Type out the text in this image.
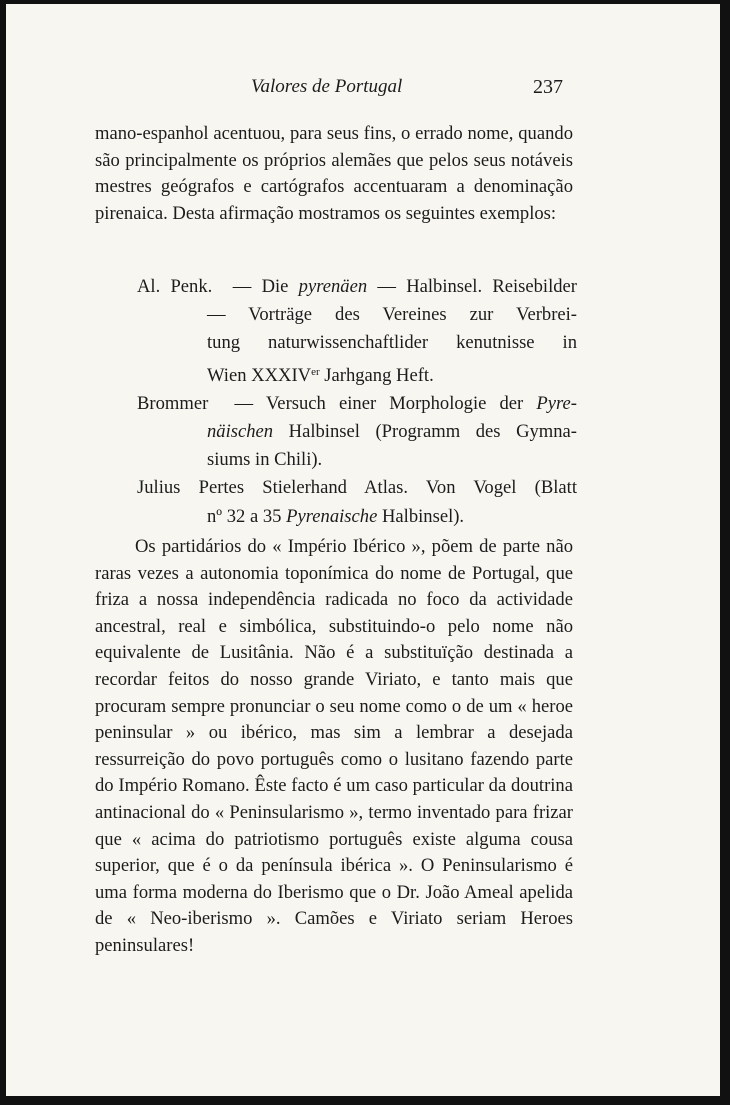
Valores de Portugal	237

mano-espanhol acentuou, para seus fins, o errado nome, quando são principalmente os próprios alemães que pelos seus notáveis mestres geógrafos e cartógrafos accentuaram a denominação pirenaica. Desta afirmação mostramos os seguintes exemplos:

Al. Penk. — Die pyrenäen — Halbinsel. Reisebilder
— Vorträge des Vereines zur Verbrei-
tung naturwissenchaftlider kenutnisse in
Wien XXXIVer Jarhgang Heft.
Brommer — Versuch einer Morphologie der Pyre-
näischen Halbinsel (Programm des Gymna-
siums in Chili).
Julius Pertes Stielerhand Atlas. Von Vogel (Blatt
nº 32 a 35 Pyrenaische Halbinsel).

Os partidários do « Império Ibérico », põem de parte não raras vezes a autonomia toponímica do nome de Portugal, que friza a nossa independência radicada no foco da actividade ancestral, real e simbólica, substituindo-o pelo nome não equivalente de Lusitânia. Não é a substituïção destinada a recordar feitos do nosso grande Viriato, e tanto mais que procuram sempre pronunciar o seu nome como o de um « heroe peninsular » ou ibérico, mas sim a lembrar a desejada ressurreição do povo português como o lusitano fazendo parte do Império Romano. Êste facto é um caso particular da doutrina antinacional do « Peninsularismo », termo inventado para frizar que « acima do patriotismo português existe alguma cousa superior, que é o da península ibérica ». O Peninsularismo é uma forma moderna do Iberismo que o Dr. João Ameal apelida de « Neo-iberismo ». Camões e Viriato seriam Heroes peninsulares!
